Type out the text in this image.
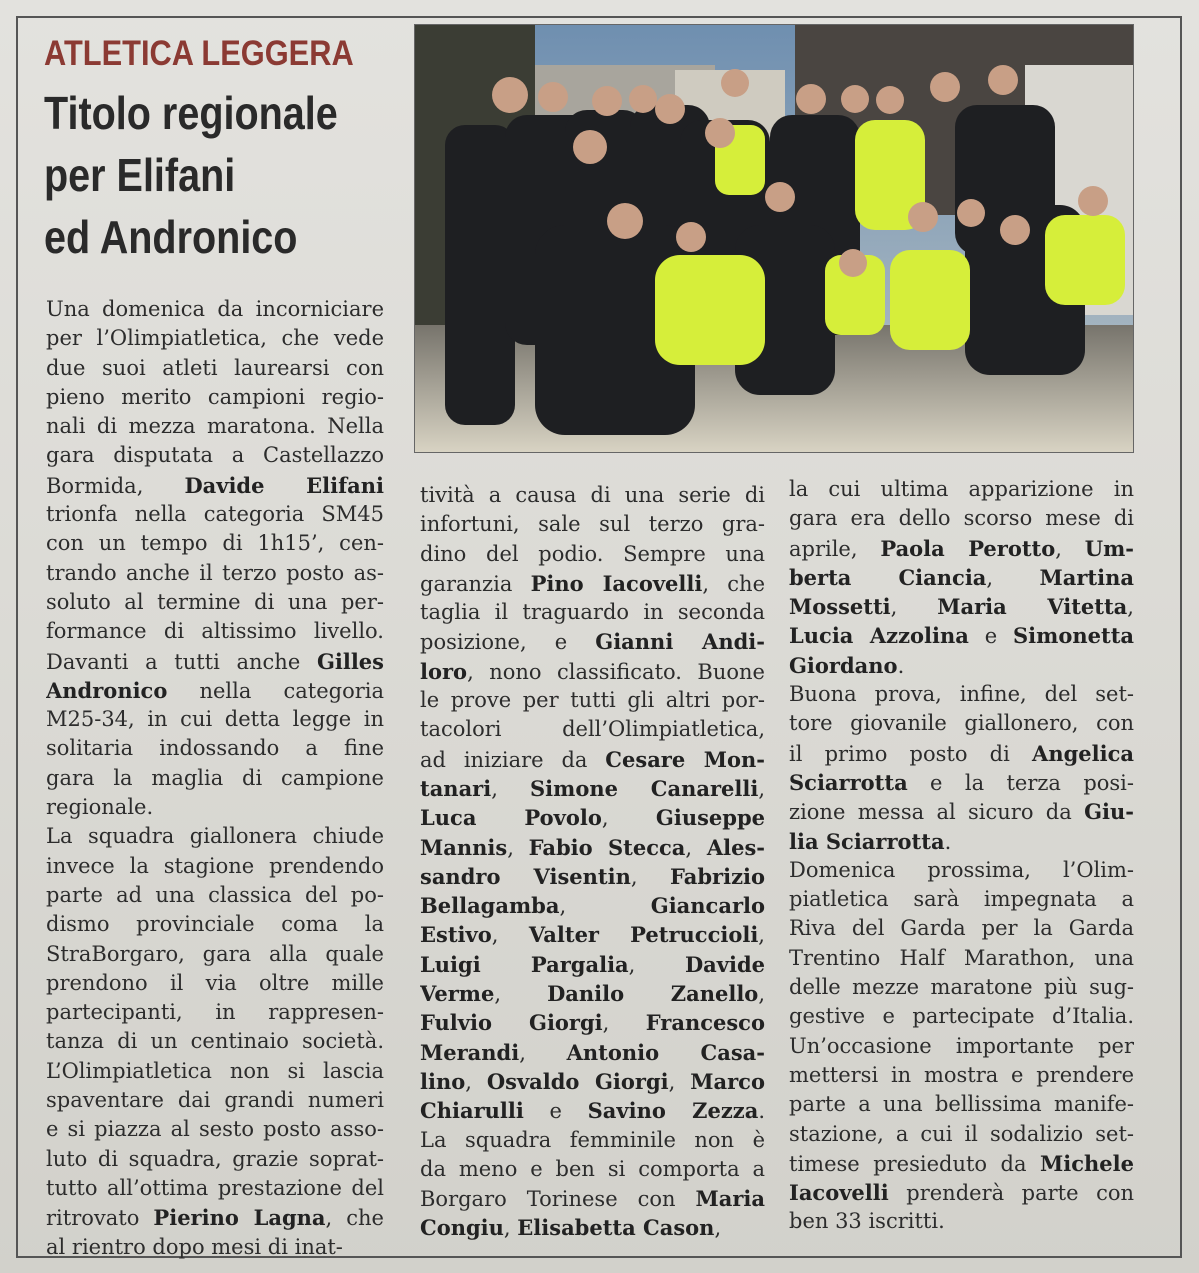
ATLETICA LEGGERA
Titolo regionale
per Elifani
ed Andronico
Una domenica da incorniciare
per l’Olimpiatletica, che vede
due suoi atleti laurearsi con
pieno merito campioni regio-
nali di mezza maratona. Nella
gara disputata a Castellazzo
Bormida, Davide Elifani
trionfa nella categoria SM45
con un tempo di 1h15’, cen-
trando anche il terzo posto as-
soluto al termine di una per-
formance di altissimo livello.
Davanti a tutti anche Gilles
Andronico nella categoria
M25-34, in cui detta legge in
solitaria indossando a fine
gara la maglia di campione
regionale.
La squadra giallonera chiude
invece la stagione prendendo
parte ad una classica del po-
dismo provinciale coma la
StraBorgaro, gara alla quale
prendono il via oltre mille
partecipanti, in rappresen-
tanza di un centinaio società.
L’Olimpiatletica non si lascia
spaventare dai grandi numeri
e si piazza al sesto posto asso-
luto di squadra, grazie soprat-
tutto all’ottima prestazione del
ritrovato Pierino Lagna, che
al rientro dopo mesi di inat-
tività a causa di una serie di
infortuni, sale sul terzo gra-
dino del podio. Sempre una
garanzia Pino Iacovelli, che
taglia il traguardo in seconda
posizione, e Gianni Andi-
loro, nono classificato. Buone
le prove per tutti gli altri por-
tacolori dell’Olimpiatletica,
ad iniziare da Cesare Mon-
tanari, Simone Canarelli,
Luca Povolo, Giuseppe
Mannis, Fabio Stecca, Ales-
sandro Visentin, Fabrizio
Bellagamba, Giancarlo
Estivo, Valter Petruccioli,
Luigi Pargalia, Davide
Verme, Danilo Zanello,
Fulvio Giorgi, Francesco
Merandi, Antonio Casa-
lino, Osvaldo Giorgi, Marco
Chiarulli e Savino Zezza.
La squadra femminile non è
da meno e ben si comporta a
Borgaro Torinese con Maria
Congiu, Elisabetta Cason,
la cui ultima apparizione in
gara era dello scorso mese di
aprile, Paola Perotto, Um-
berta Ciancia, Martina
Mossetti, Maria Vitetta,
Lucia Azzolina e Simonetta
Giordano.
Buona prova, infine, del set-
tore giovanile giallonero, con
il primo posto di Angelica
Sciarrotta e la terza posi-
zione messa al sicuro da Giu-
lia Sciarrotta.
Domenica prossima, l’Olim-
piatletica sarà impegnata a
Riva del Garda per la Garda
Trentino Half Marathon, una
delle mezze maratone più sug-
gestive e partecipate d’Italia.
Un’occasione importante per
mettersi in mostra e prendere
parte a una bellissima manife-
stazione, a cui il sodalizio set-
timese presieduto da Michele
Iacovelli prenderà parte con
ben 33 iscritti.
